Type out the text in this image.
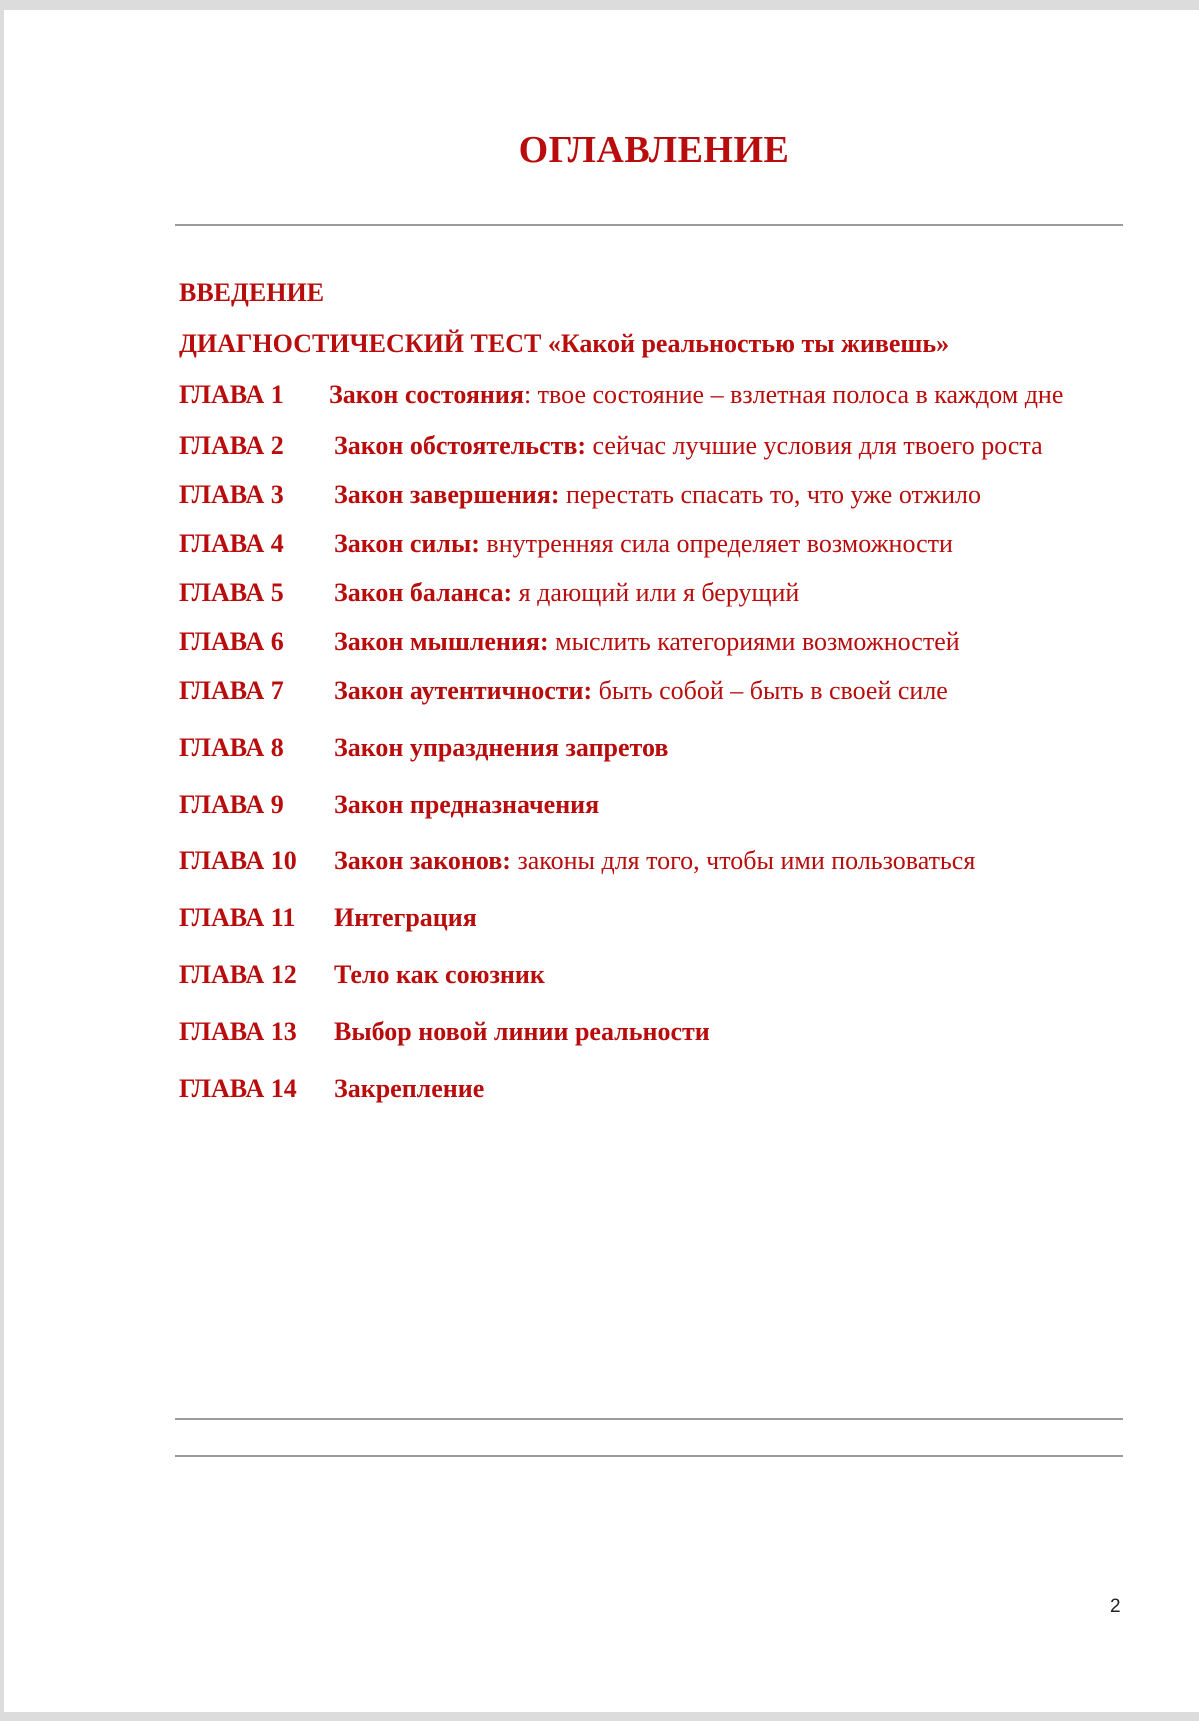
ОГЛАВЛЕНИЕ
ВВЕДЕНИЕ
ДИАГНОСТИЧЕСКИЙ ТЕСТ «Какой реальностью ты живешь»
ГЛАВА 1 Закон состояния: твое состояние – взлетная полоса в каждом дне
ГЛАВА 2 Закон обстоятельств: сейчас лучшие условия для твоего роста
ГЛАВА 3 Закон завершения: перестать спасать то, что уже отжило
ГЛАВА 4 Закон силы: внутренняя сила определяет возможности
ГЛАВА 5 Закон баланса: я дающий или я берущий
ГЛАВА 6 Закон мышления: мыслить категориями возможностей
ГЛАВА 7 Закон аутентичности: быть собой – быть в своей силе
ГЛАВА 8 Закон упразднения запретов
ГЛАВА 9 Закон предназначения
ГЛАВА 10 Закон законов: законы для того, чтобы ими пользоваться
ГЛАВА 11 Интеграция
ГЛАВА 12 Тело как союзник
ГЛАВА 13 Выбор новой линии реальности
ГЛАВА 14 Закрепление
2
